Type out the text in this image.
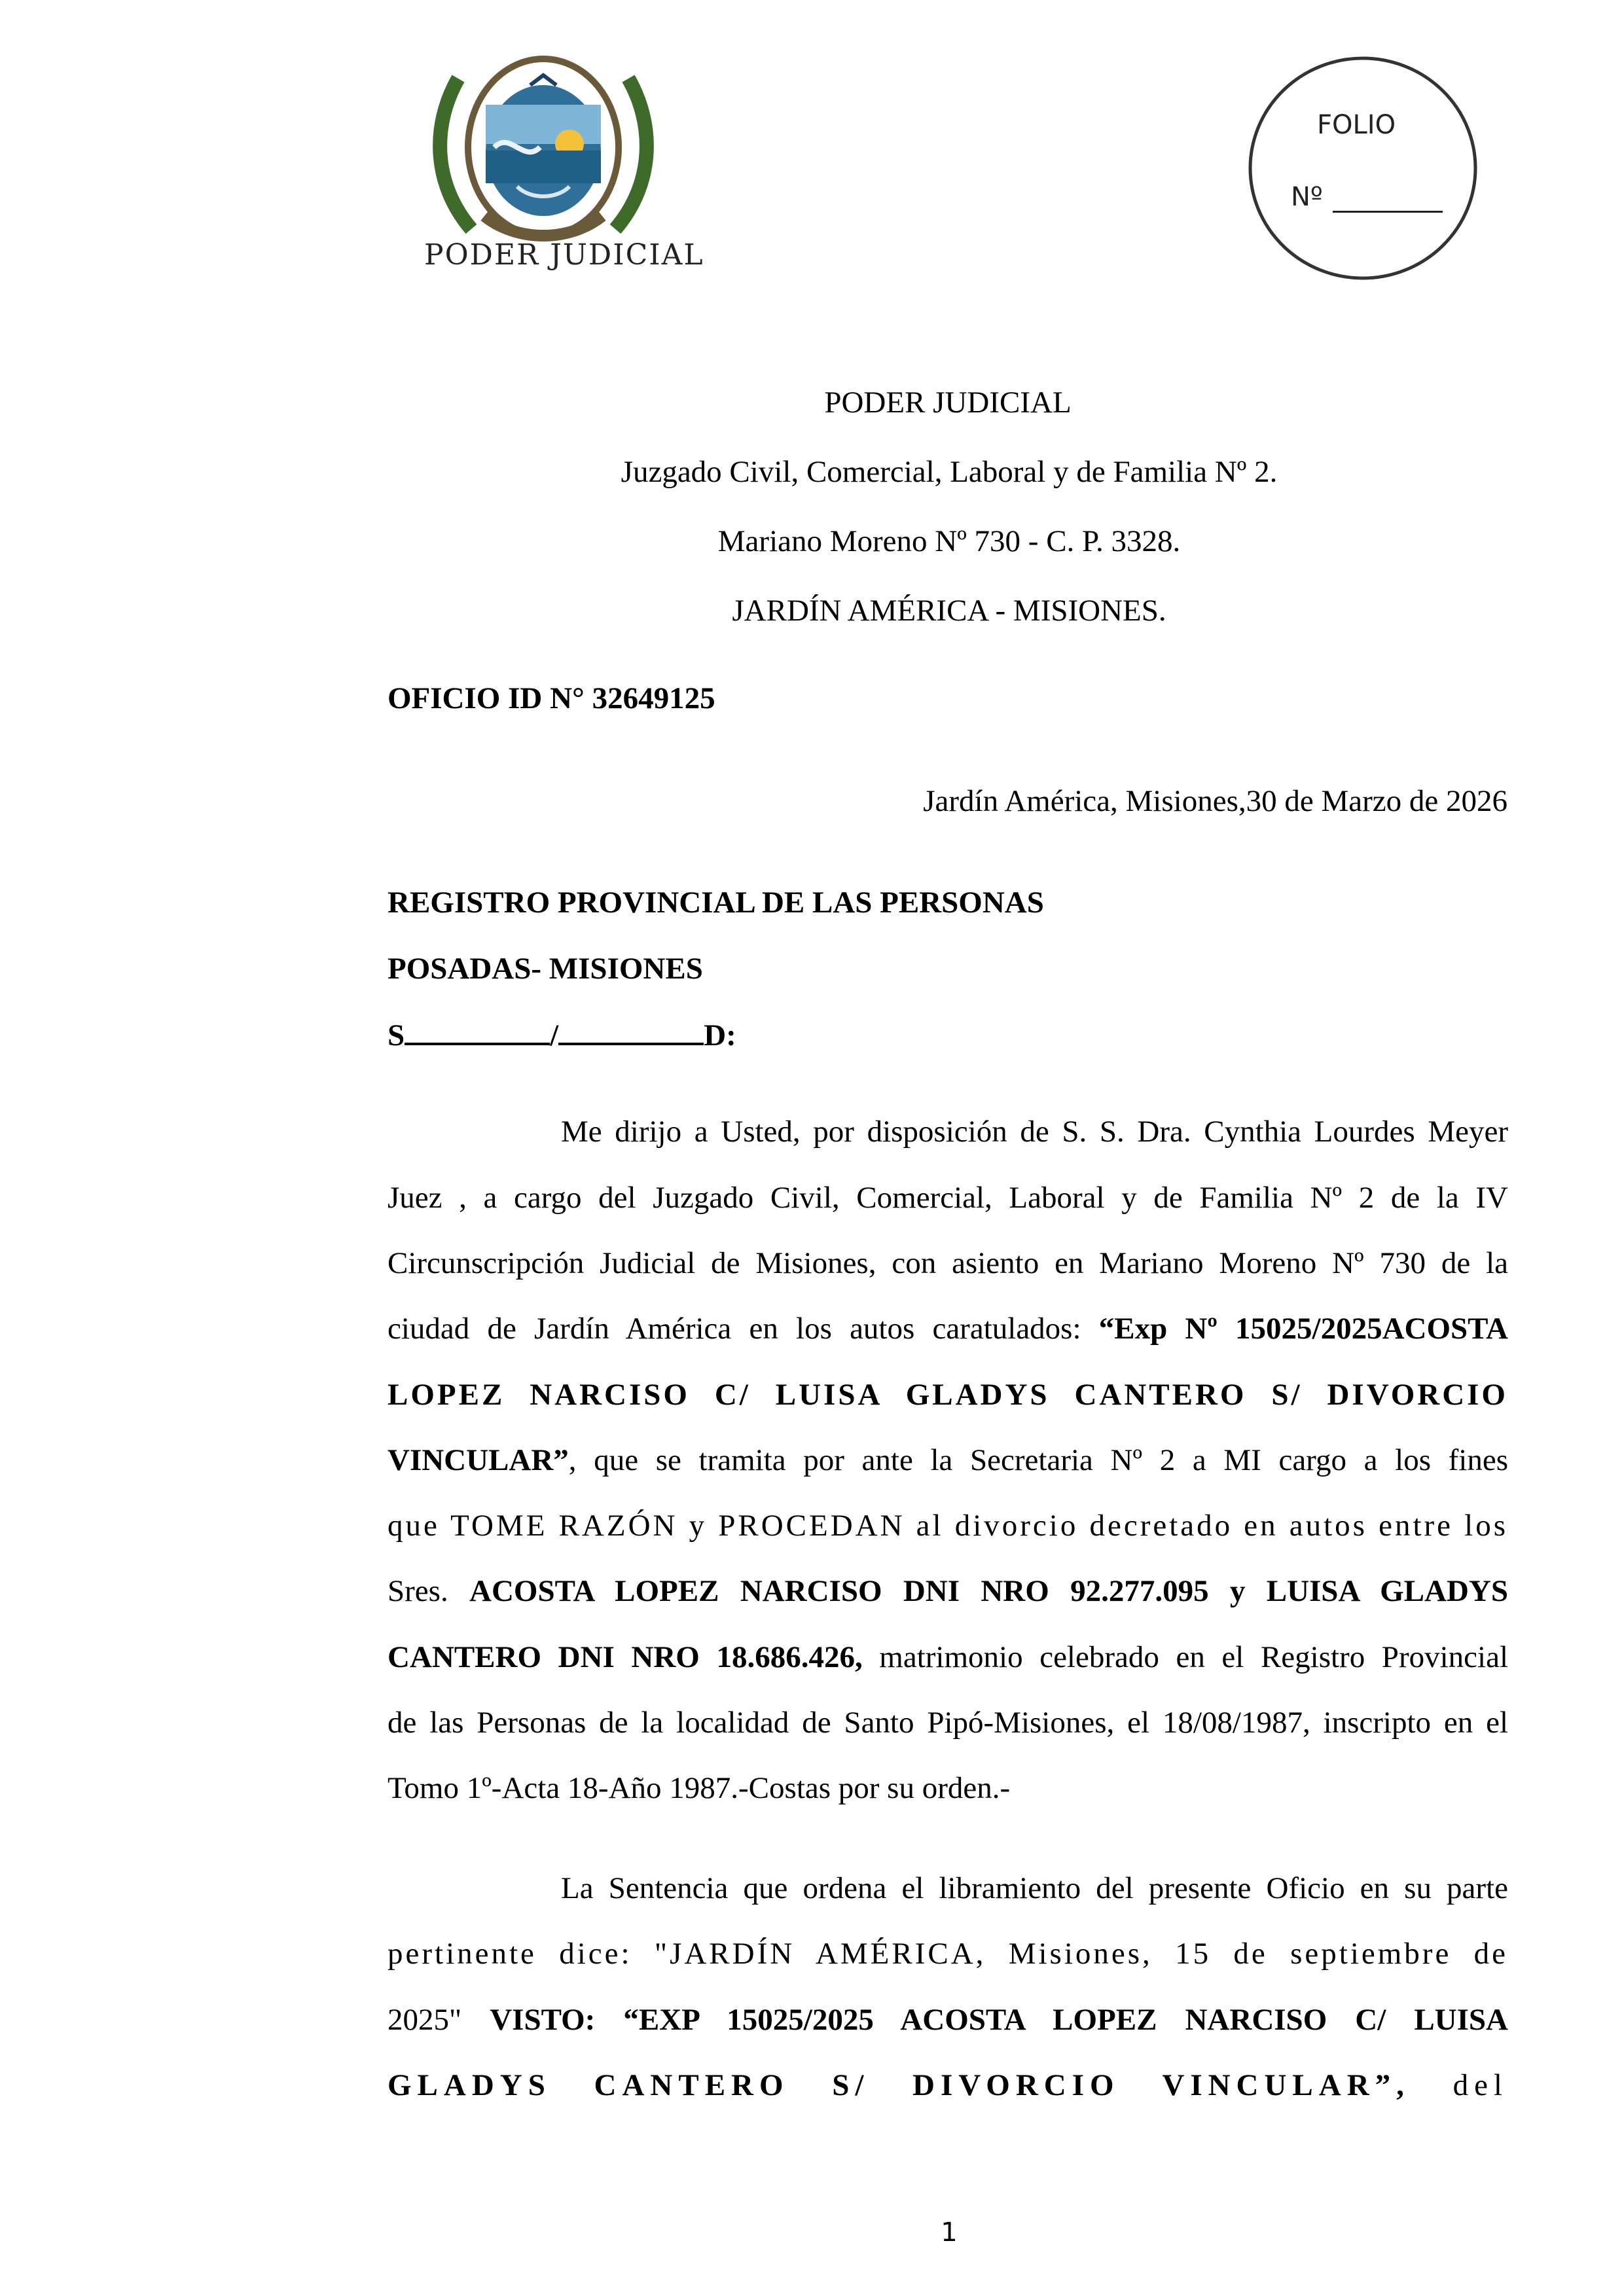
PODER JUDICIAL
FOLIO
Nº
PODER JUDICIAL
Juzgado Civil, Comercial, Laboral y de Familia Nº 2.
Mariano Moreno Nº 730 - C. P. 3328.
JARDÍN AMÉRICA - MISIONES.
OFICIO ID N° 32649125
Jardín América, Misiones,30 de Marzo de 2026
REGISTRO PROVINCIAL DE LAS PERSONAS
POSADAS- MISIONES
S	/	D:
Me dirijo a Usted, por disposición de S. S. Dra. Cynthia Lourdes Meyer
Juez , a cargo del Juzgado Civil, Comercial, Laboral y de Familia Nº 2 de la IV
Circunscripción Judicial de Misiones, con asiento en Mariano Moreno Nº 730 de la
ciudad de Jardín América en los autos caratulados: “Exp Nº 15025/2025ACOSTA
LOPEZ NARCISO C/ LUISA GLADYS CANTERO S/ DIVORCIO
VINCULAR”, que se tramita por ante la Secretaria Nº 2 a MI cargo a los fines
que TOME RAZÓN y PROCEDAN al divorcio decretado en autos entre los
Sres. ACOSTA LOPEZ NARCISO DNI NRO 92.277.095 y LUISA GLADYS
CANTERO DNI NRO 18.686.426, matrimonio celebrado en el Registro Provincial
de las Personas de la localidad de Santo Pipó-Misiones, el 18/08/1987, inscripto en el
Tomo 1º-Acta 18-Año 1987.-Costas por su orden.-
La Sentencia que ordena el libramiento del presente Oficio en su parte
pertinente dice: "JARDÍN AMÉRICA, Misiones, 15 de septiembre de
2025" VISTO: “EXP 15025/2025 ACOSTA LOPEZ NARCISO C/ LUISA
GLADYS CANTERO S/ DIVORCIO VINCULAR”, del
1
